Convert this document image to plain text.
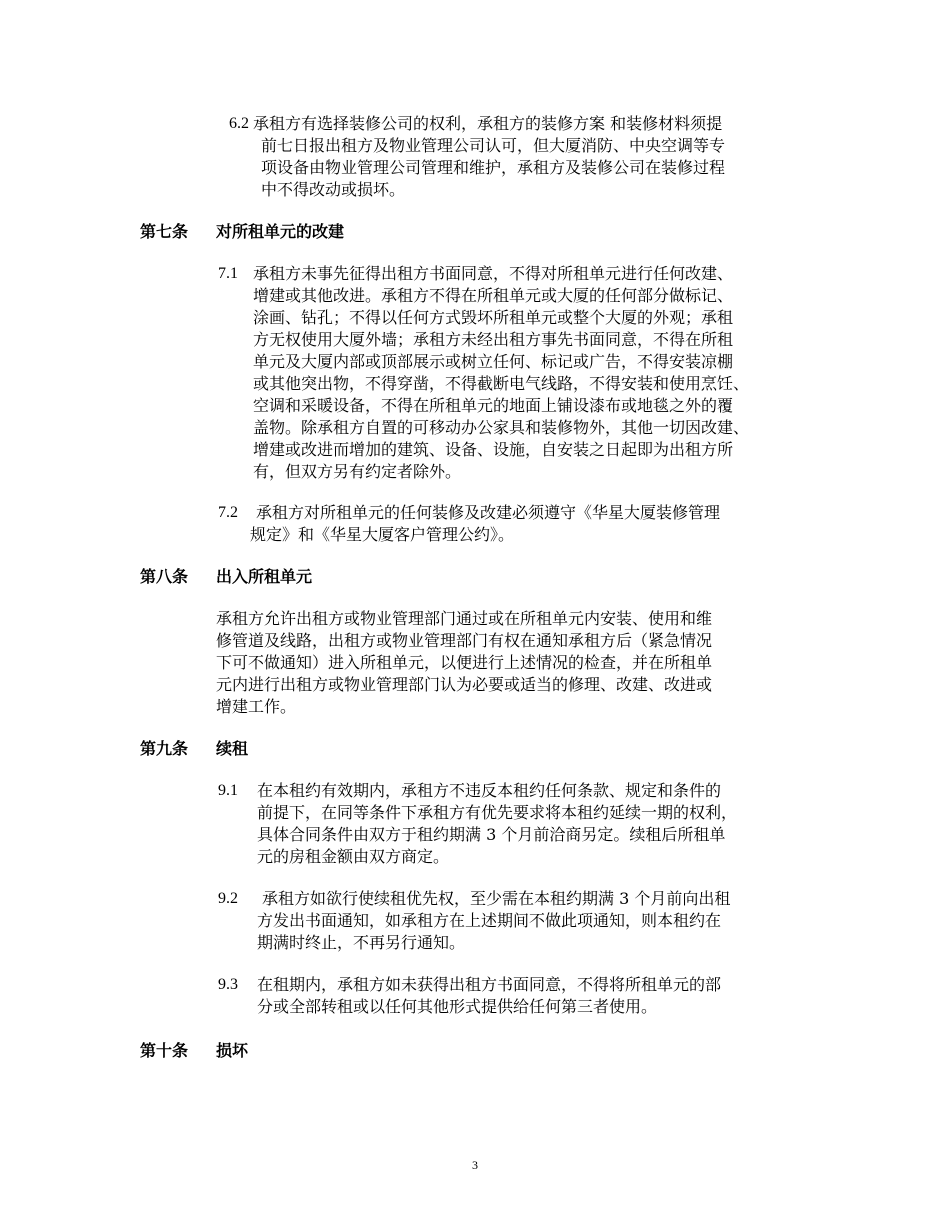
6.2 承租方有选择装修公司的权利，承租方的装修方案 和装修材料须提
前七日报出租方及物业管理公司认可，但大厦消防、中央空调等专
项设备由物业管理公司管理和维护，承租方及装修公司在装修过程
中不得改动或损坏。
第七条 对所租单元的改建
7.1 承租方未事先征得出租方书面同意，不得对所租单元进行任何改建、
增建或其他改进。承租方不得在所租单元或大厦的任何部分做标记、
涂画、钻孔；不得以任何方式毁坏所租单元或整个大厦的外观；承租
方无权使用大厦外墙；承租方未经出租方事先书面同意，不得在所租
单元及大厦内部或顶部展示或树立任何、标记或广告，不得安装凉棚
或其他突出物，不得穿凿，不得截断电气线路，不得安装和使用烹饪、
空调和采暖设备，不得在所租单元的地面上铺设漆布或地毯之外的覆
盖物。除承租方自置的可移动办公家具和装修物外，其他一切因改建、
增建或改进而增加的建筑、设备、设施，自安装之日起即为出租方所
有，但双方另有约定者除外。
7.2 承租方对所租单元的任何装修及改建必须遵守《华星大厦装修管理
规定》和《华星大厦客户管理公约》。
第八条 出入所租单元
承租方允许出租方或物业管理部门通过或在所租单元内安装、使用和维
修管道及线路，出租方或物业管理部门有权在通知承租方后（紧急情况
下可不做通知）进入所租单元，以便进行上述情况的检查，并在所租单
元内进行出租方或物业管理部门认为必要或适当的修理、改建、改进或
增建工作。
第九条 续租
9.1 在本租约有效期内，承租方不违反本租约任何条款、规定和条件的
前提下，在同等条件下承租方有优先要求将本租约延续一期的权利，
具体合同条件由双方于租约期满 3 个月前洽商另定。续租后所租单
元的房租金额由双方商定。
9.2 承租方如欲行使续租优先权，至少需在本租约期满 3 个月前向出租
方发出书面通知，如承租方在上述期间不做此项通知，则本租约在
期满时终止，不再另行通知。
9.3 在租期内，承租方如未获得出租方书面同意，不得将所租单元的部
分或全部转租或以任何其他形式提供给任何第三者使用。
第十条 损坏
3
